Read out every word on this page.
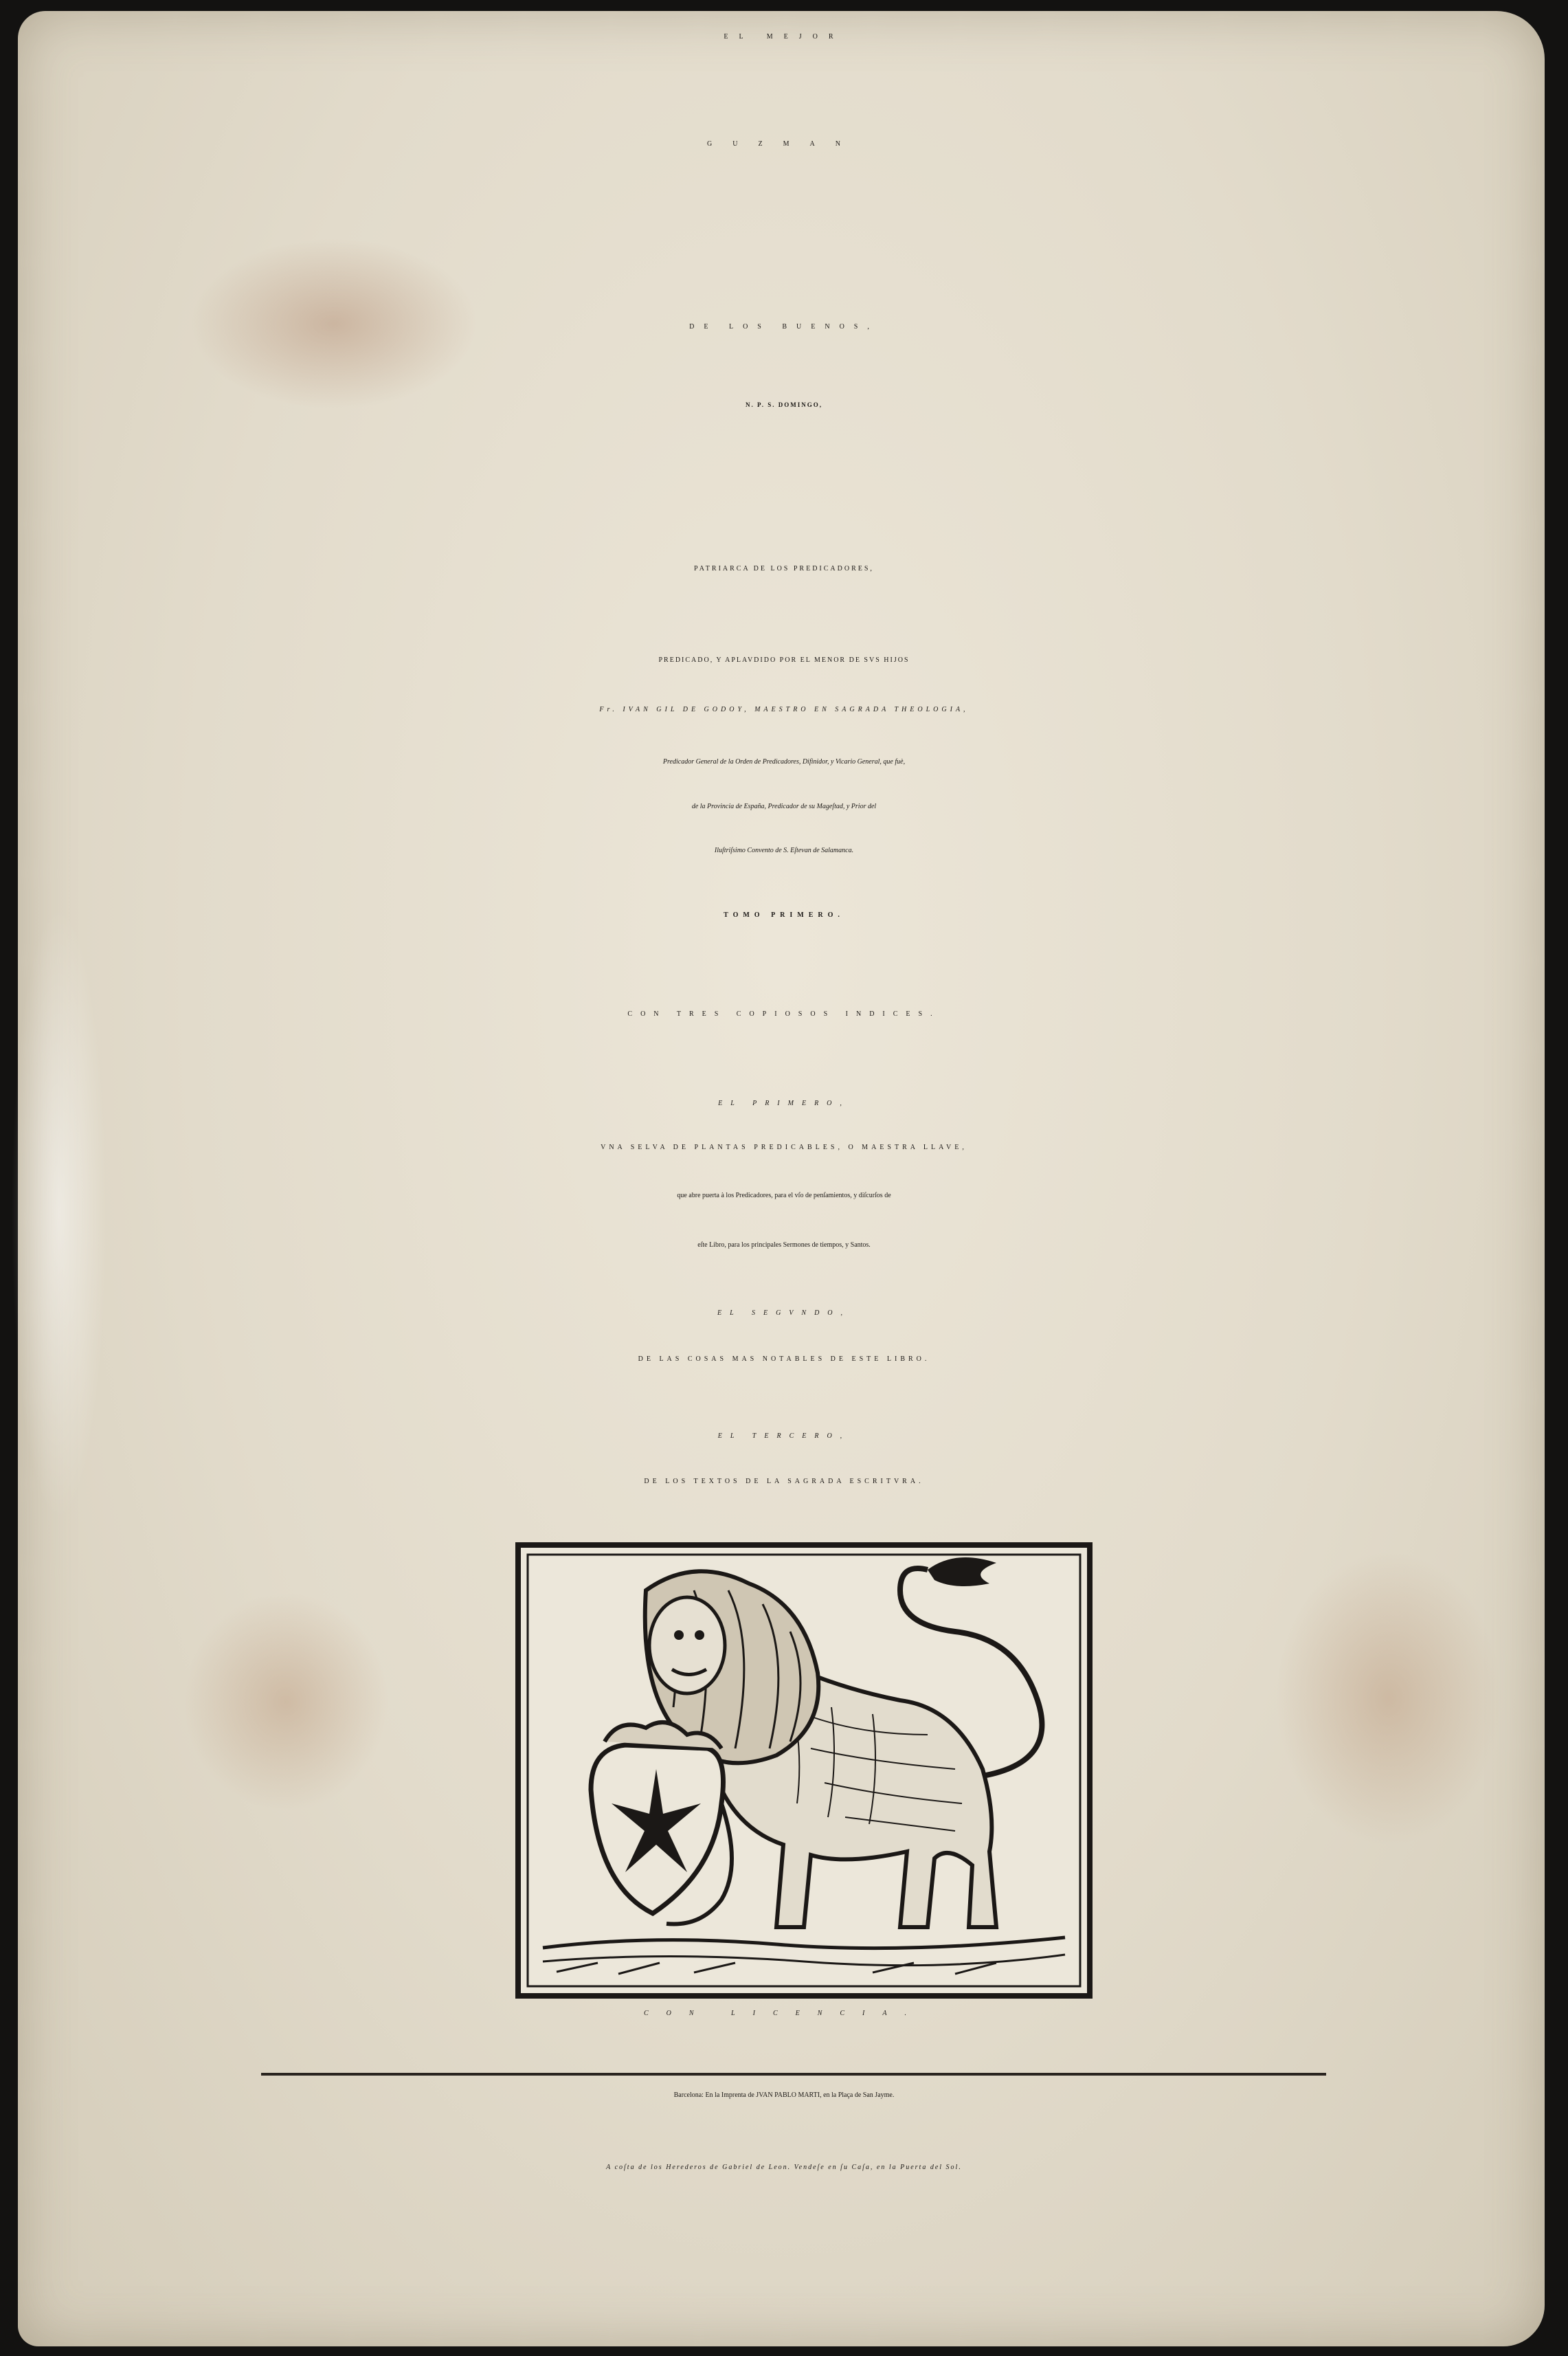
EL MEJOR
GUZMAN
DE LOS BUENOS,
N. P. S. DOMINGO,
PATRIARCA DE LOS PREDICADORES,
PREDICADO, Y APLAVDIDO POR EL MENOR DE SVS HIJOS
Fr. IVAN GIL DE GODOY, MAESTRO EN SAGRADA THEOLOGIA,
Predicador General de la Orden de Predicadores, Difinidor, y Vicario General, que fuè,
de la Provincia de España, Predicador de su Mageſtad, y Prior del
Iluſtriſsimo Convento de S. Eſtevan de Salamanca.
TOMO PRIMERO.
CON TRES COPIOSOS INDICES.
EL PRIMERO,
VNA SELVA DE PLANTAS PREDICABLES, O MAESTRA LLAVE,
que abre puerta à los Predicadores, para el vſo de penſamientos, y diſcurſos de
eſte Libro, para los principales Sermones de tiempos, y Santos.
EL SEGVNDO,
DE LAS COSAS MAS NOTABLES DE ESTE LIBRO.
EL TERCERO,
DE LOS TEXTOS DE LA SAGRADA ESCRITVRA.
CON LICENCIA.
Barcelona: En la Imprenta de JVAN PABLO MARTI, en la Plaça de San Jayme.
A coſta de los Herederos de Gabriel de Leon. Vendeſe en ſu Caſa, en la Puerta del Sol.
